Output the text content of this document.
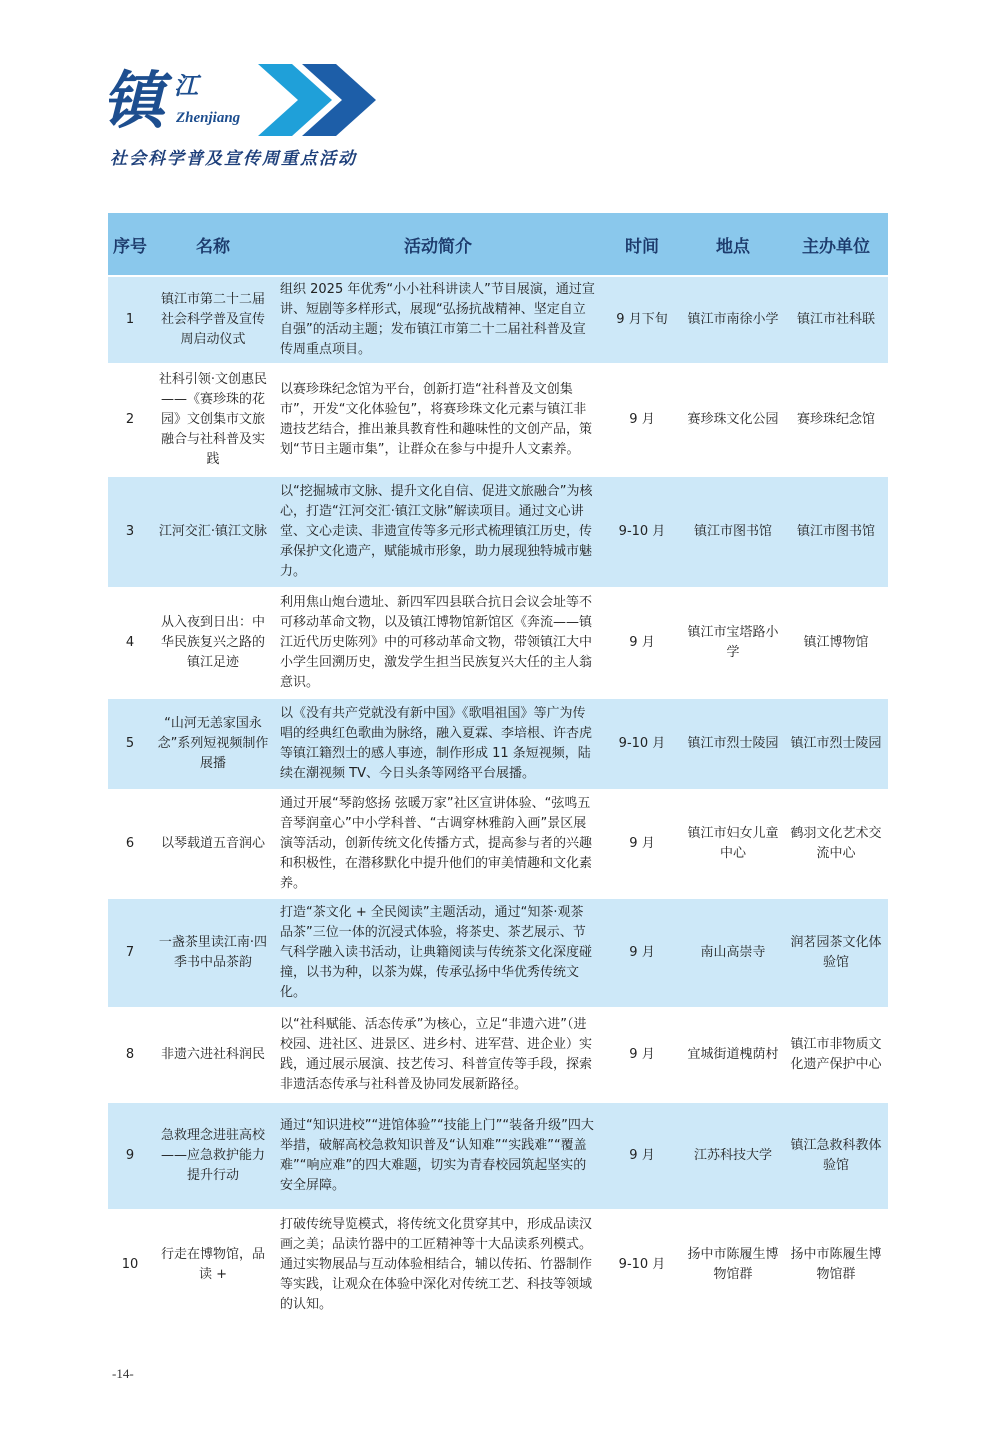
镇 江
Zhenjiang
社会科学普及宣传周重点活动
序号	名称	活动简介	时间	地点	主办单位
1	镇江市第二十二届社会科学普及宣传周启动仪式	组织 2025 年优秀“小小社科讲读人”节目展演，通过宣讲、短剧等多样形式，展现“弘扬抗战精神、坚定自立自强”的活动主题；发布镇江市第二十二届社科普及宣传周重点项目。	9 月下旬	镇江市南徐小学	镇江市社科联
2	社科引领·文创惠民——《赛珍珠的花园》文创集市文旅融合与社科普及实践	以赛珍珠纪念馆为平台，创新打造“社科普及文创集市”，开发“文化体验包”，将赛珍珠文化元素与镇江非遗技艺结合，推出兼具教育性和趣味性的文创产品，策划“节日主题市集”，让群众在参与中提升人文素养。	9 月	赛珍珠文化公园	赛珍珠纪念馆
3	江河交汇·镇江文脉	以“挖掘城市文脉、提升文化自信、促进文旅融合”为核心，打造“江河交汇·镇江文脉”解读项目。通过文心讲堂、文心走读、非遗宣传等多元形式梳理镇江历史，传承保护文化遗产，赋能城市形象，助力展现独特城市魅力。	9-10 月	镇江市图书馆	镇江市图书馆
4	从入夜到日出：中华民族复兴之路的镇江足迹	利用焦山炮台遗址、新四军四县联合抗日会议会址等不可移动革命文物，以及镇江博物馆新馆区《奔流——镇江近代历史陈列》中的可移动革命文物，带领镇江大中小学生回溯历史，激发学生担当民族复兴大任的主人翁意识。	9 月	镇江市宝塔路小学	镇江博物馆
5	“山河无恙家国永念”系列短视频制作展播	以《没有共产党就没有新中国》《歌唱祖国》等广为传唱的经典红色歌曲为脉络，融入夏霖、李培根、许杏虎等镇江籍烈士的感人事迹，制作形成 11 条短视频，陆续在潮视频 TV、今日头条等网络平台展播。	9-10 月	镇江市烈士陵园	镇江市烈士陵园
6	以琴载道五音润心	通过开展“琴韵悠扬 弦暖万家”社区宣讲体验、“弦鸣五音琴润童心”中小学科普、“古调穿林雅韵入画”景区展演等活动，创新传统文化传播方式，提高参与者的兴趣和积极性，在潜移默化中提升他们的审美情趣和文化素养。	9 月	镇江市妇女儿童中心	鹤羽文化艺术交流中心
7	一盏茶里读江南·四季书中品茶韵	打造“茶文化 + 全民阅读”主题活动，通过“知茶·观茶品茶”三位一体的沉浸式体验，将茶史、茶艺展示、节气科学融入读书活动，让典籍阅读与传统茶文化深度碰撞，以书为种，以茶为媒，传承弘扬中华优秀传统文化。	9 月	南山高崇寺	润茗园茶文化体验馆
8	非遗六进社科润民	以“社科赋能、活态传承”为核心，立足“非遗六进”（进校园、进社区、进景区、进乡村、进军营、进企业）实践，通过展示展演、技艺传习、科普宣传等手段，探索非遗活态传承与社科普及协同发展新路径。	9 月	宜城街道槐荫村	镇江市非物质文化遗产保护中心
9	急救理念进驻高校——应急救护能力提升行动	通过“知识进校”“进馆体验”“技能上门”“装备升级”四大举措，破解高校急救知识普及“认知难”“实践难”“覆盖难”“响应难”的四大难题，切实为青春校园筑起坚实的安全屏障。	9 月	江苏科技大学	镇江急救科教体验馆
10	行走在博物馆，品读 +	打破传统导览模式，将传统文化贯穿其中，形成品读汉画之美；品读竹器中的工匠精神等十大品读系列模式。通过实物展品与互动体验相结合，辅以传拓、竹器制作等实践，让观众在体验中深化对传统工艺、科技等领域的认知。	9-10 月	扬中市陈履生博物馆群	扬中市陈履生博物馆群
-14-
